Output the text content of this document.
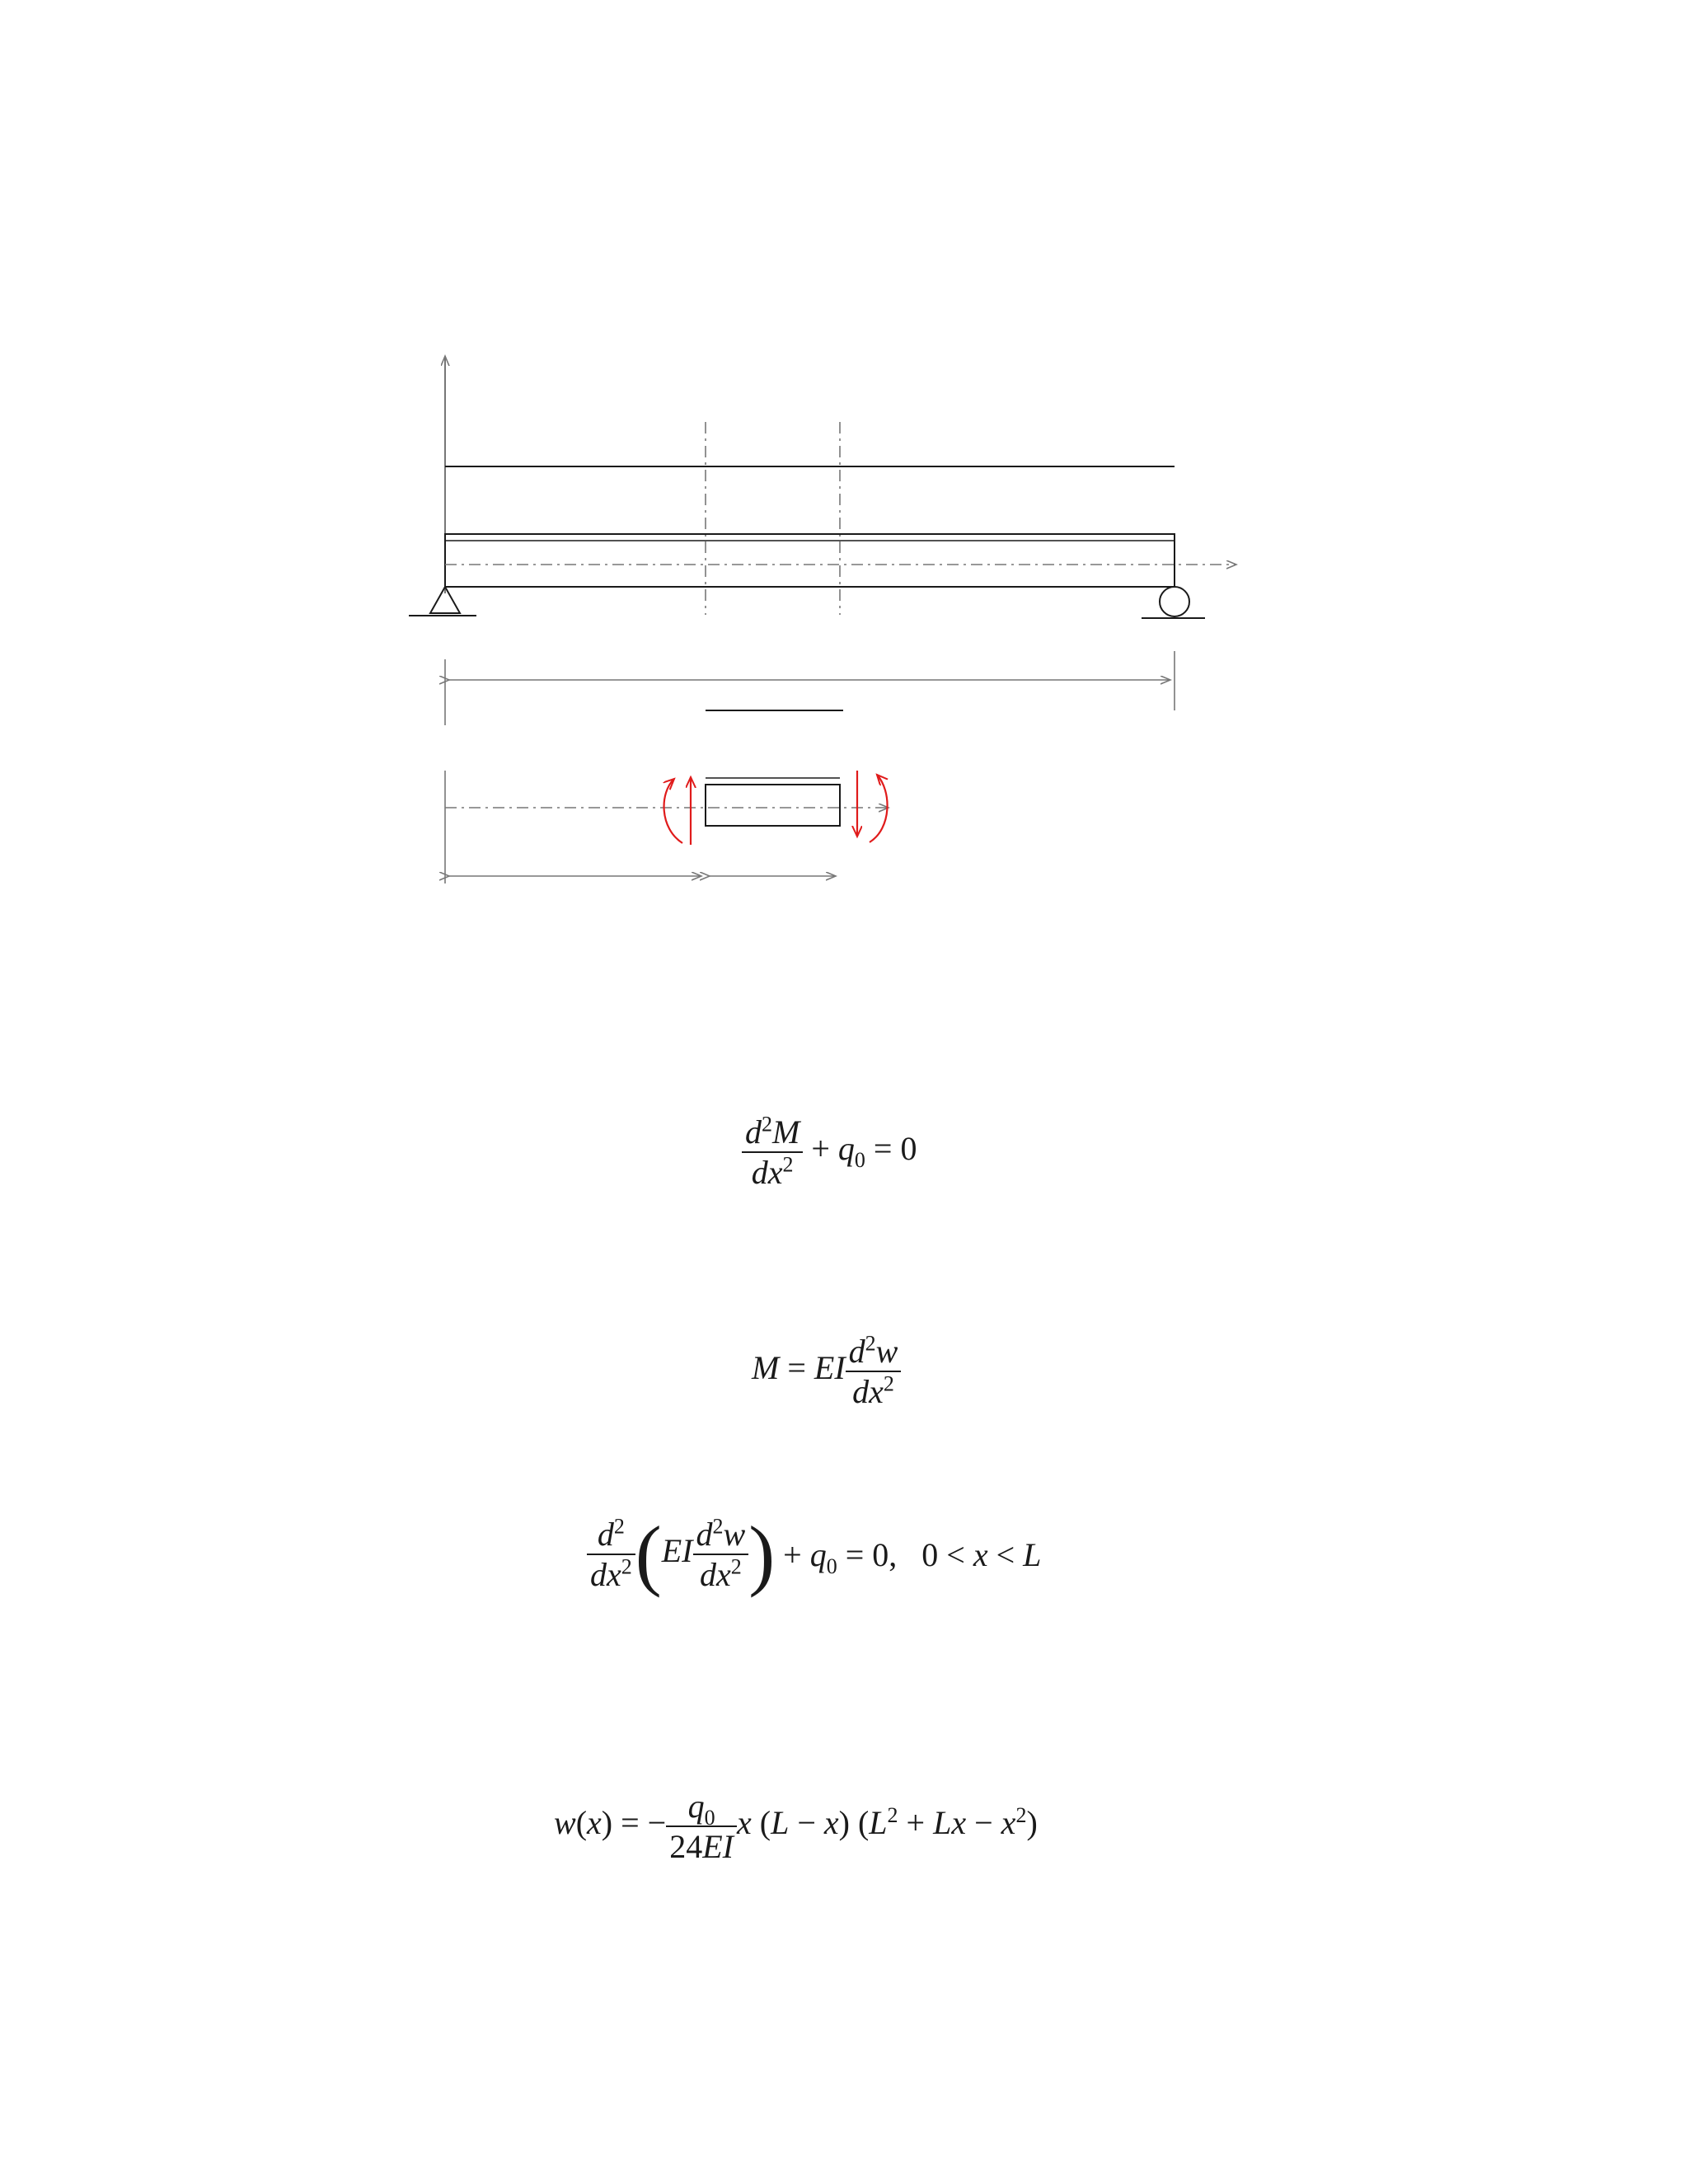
$\frac{d^2M}{dx^2} + q_0 = 0$
M = EI $\frac{d^2w}{dx^2}$
$\frac{d^2}{dx^2} (EI \frac{d^2w}{dx^2}$ ) + $q_0 = 0$,   0 < x < L
w(x) = − $\frac{q_0}{24EI}$ x (L − x) $(L^2 + Lx - x^2)$
